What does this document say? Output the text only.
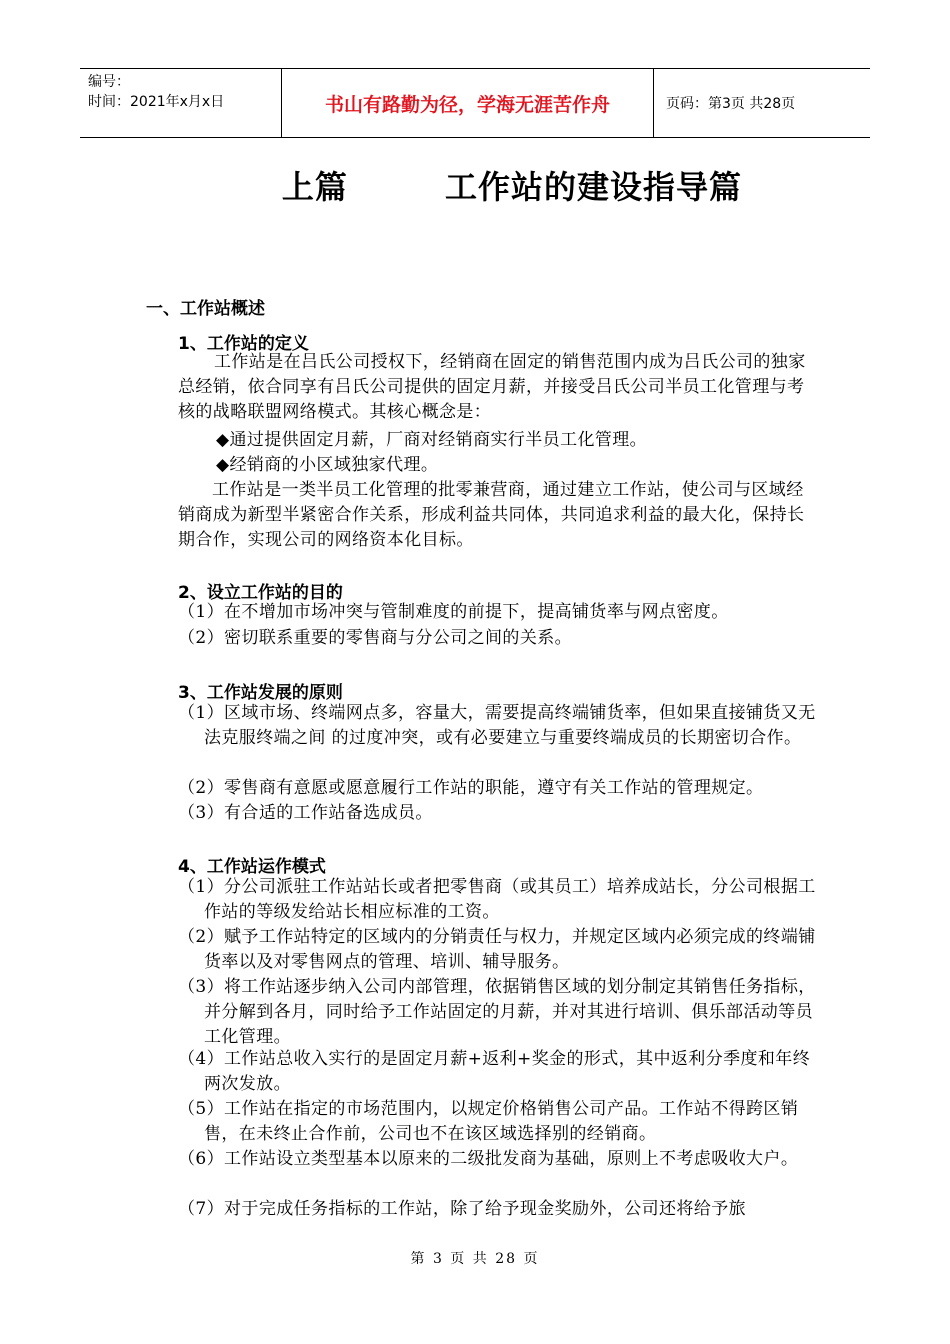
编号：
时间：2021年x月x日	书山有路勤为径，学海无涯苦作舟	页码：第3页 共28页
上篇        工作站的建设指导篇
一、工作站概述
1、工作站的定义
工作站是在吕氏公司授权下，经销商在固定的销售范围内成为吕氏公司的独家总经销，依合同享有吕氏公司提供的固定月薪，并接受吕氏公司半员工化管理与考核的战略联盟网络模式。其核心概念是：
◆通过提供固定月薪，厂商对经销商实行半员工化管理。
◆经销商的小区域独家代理。
工作站是一类半员工化管理的批零兼营商，通过建立工作站，使公司与区域经销商成为新型半紧密合作关系，形成利益共同体，共同追求利益的最大化，保持长期合作，实现公司的网络资本化目标。
2、设立工作站的目的
（1）在不增加市场冲突与管制难度的前提下，提高铺货率与网点密度。
（2）密切联系重要的零售商与分公司之间的关系。
3、工作站发展的原则
（1）区域市场、终端网点多，容量大，需要提高终端铺货率，但如果直接铺货又无法克服终端之间 的过度冲突，或有必要建立与重要终端成员的长期密切合作。
（2）零售商有意愿或愿意履行工作站的职能，遵守有关工作站的管理规定。
（3）有合适的工作站备选成员。
4、工作站运作模式
（1）分公司派驻工作站站长或者把零售商（或其员工）培养成站长，分公司根据工作站的等级发给站长相应标准的工资。
（2）赋予工作站特定的区域内的分销责任与权力，并规定区域内必须完成的终端铺货率以及对零售网点的管理、培训、辅导服务。
（3）将工作站逐步纳入公司内部管理，依据销售区域的划分制定其销售任务指标，并分解到各月，同时给予工作站固定的月薪，并对其进行培训、俱乐部活动等员工化管理。
（4）工作站总收入实行的是固定月薪+返利+奖金的形式，其中返利分季度和年终两次发放。
（5）工作站在指定的市场范围内，以规定价格销售公司产品。工作站不得跨区销售，在未终止合作前，公司也不在该区域选择别的经销商。
（6）工作站设立类型基本以原来的二级批发商为基础，原则上不考虑吸收大户。
（7）对于完成任务指标的工作站，除了给予现金奖励外，公司还将给予旅
第 3 页 共 28 页
